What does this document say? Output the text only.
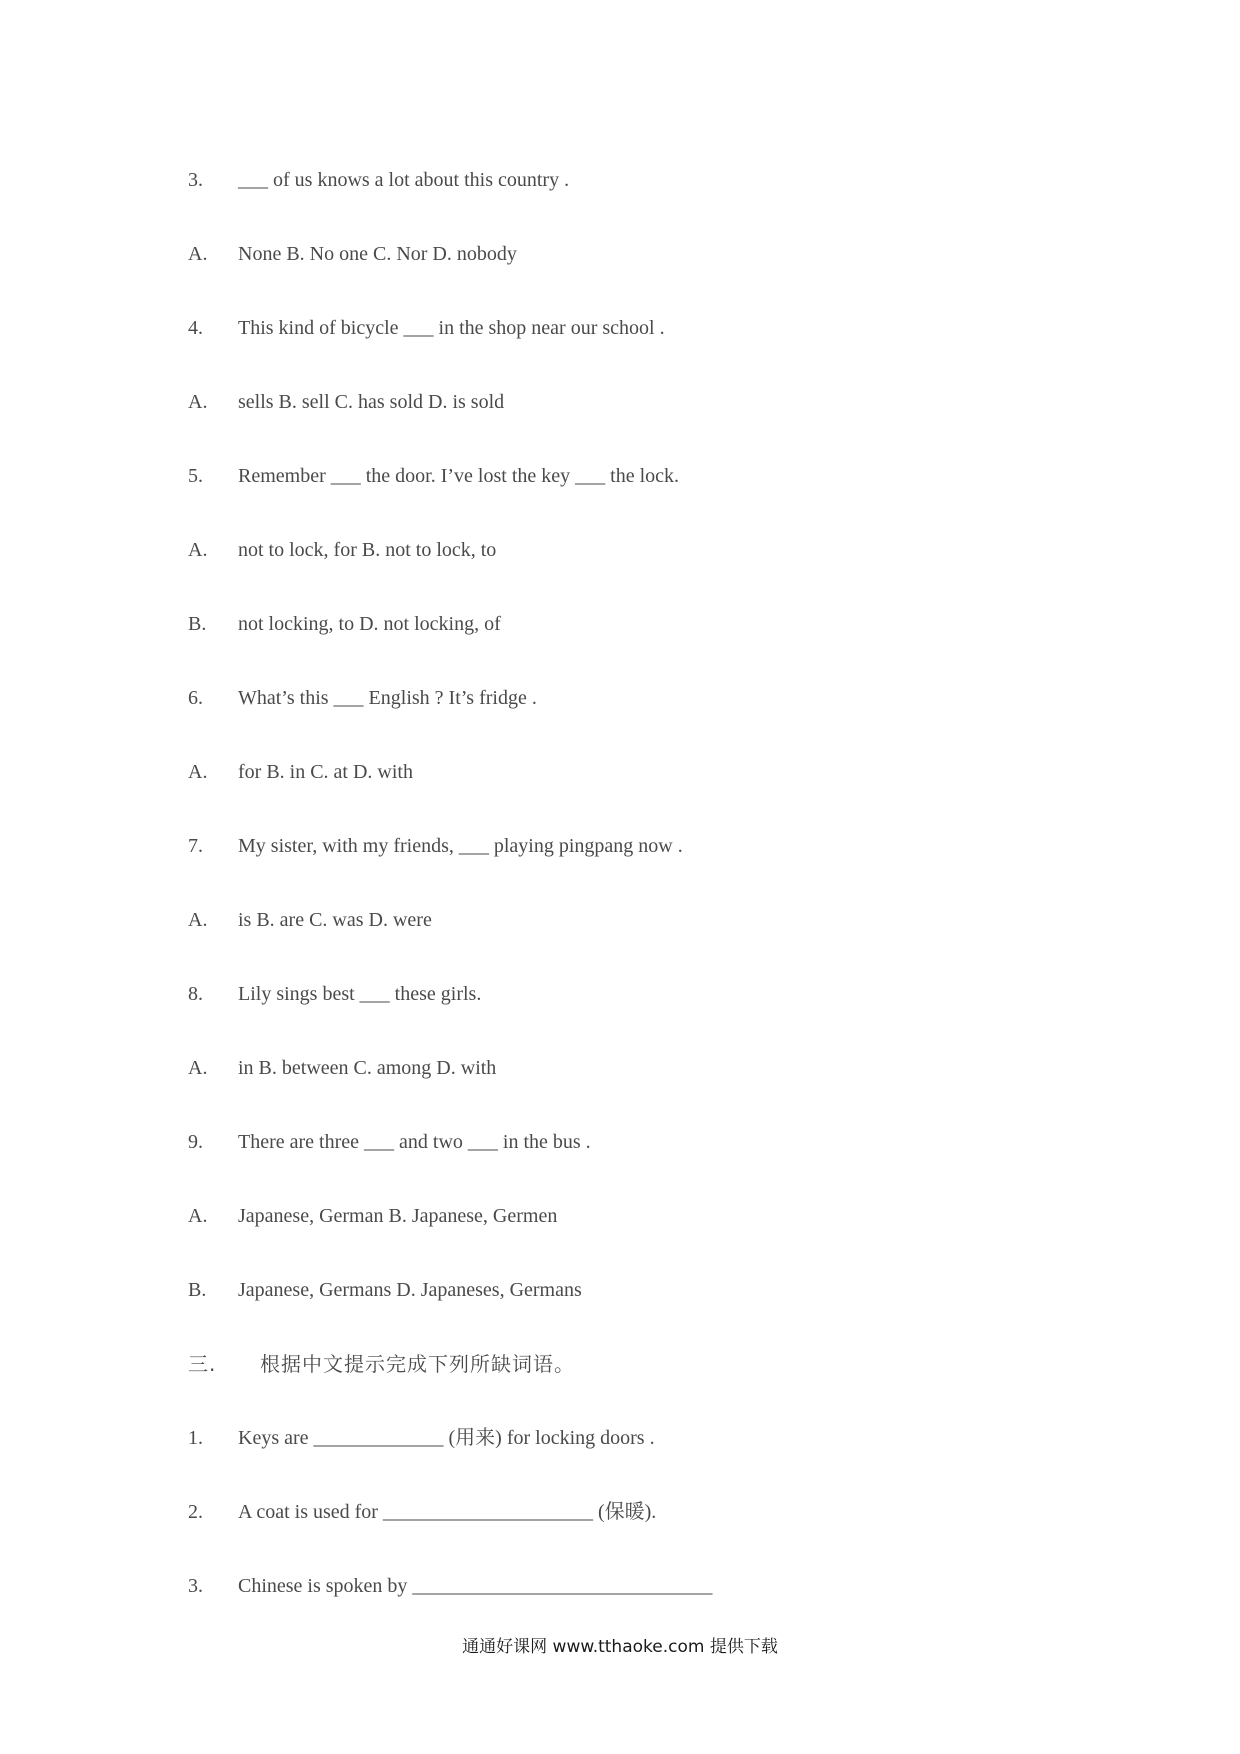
3. ___ of us knows a lot about this country .
A. None B. No one C. Nor D. nobody
4. This kind of bicycle ___ in the shop near our school .
A. sells B. sell C. has sold D. is sold
5. Remember ___ the door. I’ve lost the key ___ the lock.
A. not to lock, for B. not to lock, to
B. not locking, to D. not locking, of
6. What’s this ___ English ? It’s fridge .
A. for B. in C. at D. with
7. My sister, with my friends, ___ playing pingpang now .
A. is B. are C. was D. were
8. Lily sings best ___ these girls.
A. in B. between C. among D. with
9. There are three ___ and two ___ in the bus .
A. Japanese, German B. Japanese, Germen
B. Japanese, Germans D. Japaneses, Germans
三. 根据中文提示完成下列所缺词语。
1. Keys are _____________ (用来) for locking doors .
2. A coat is used for _____________________ (保暖).
3. Chinese is spoken by ______________________________
通通好课网 www.tthaoke.com 提供下载
